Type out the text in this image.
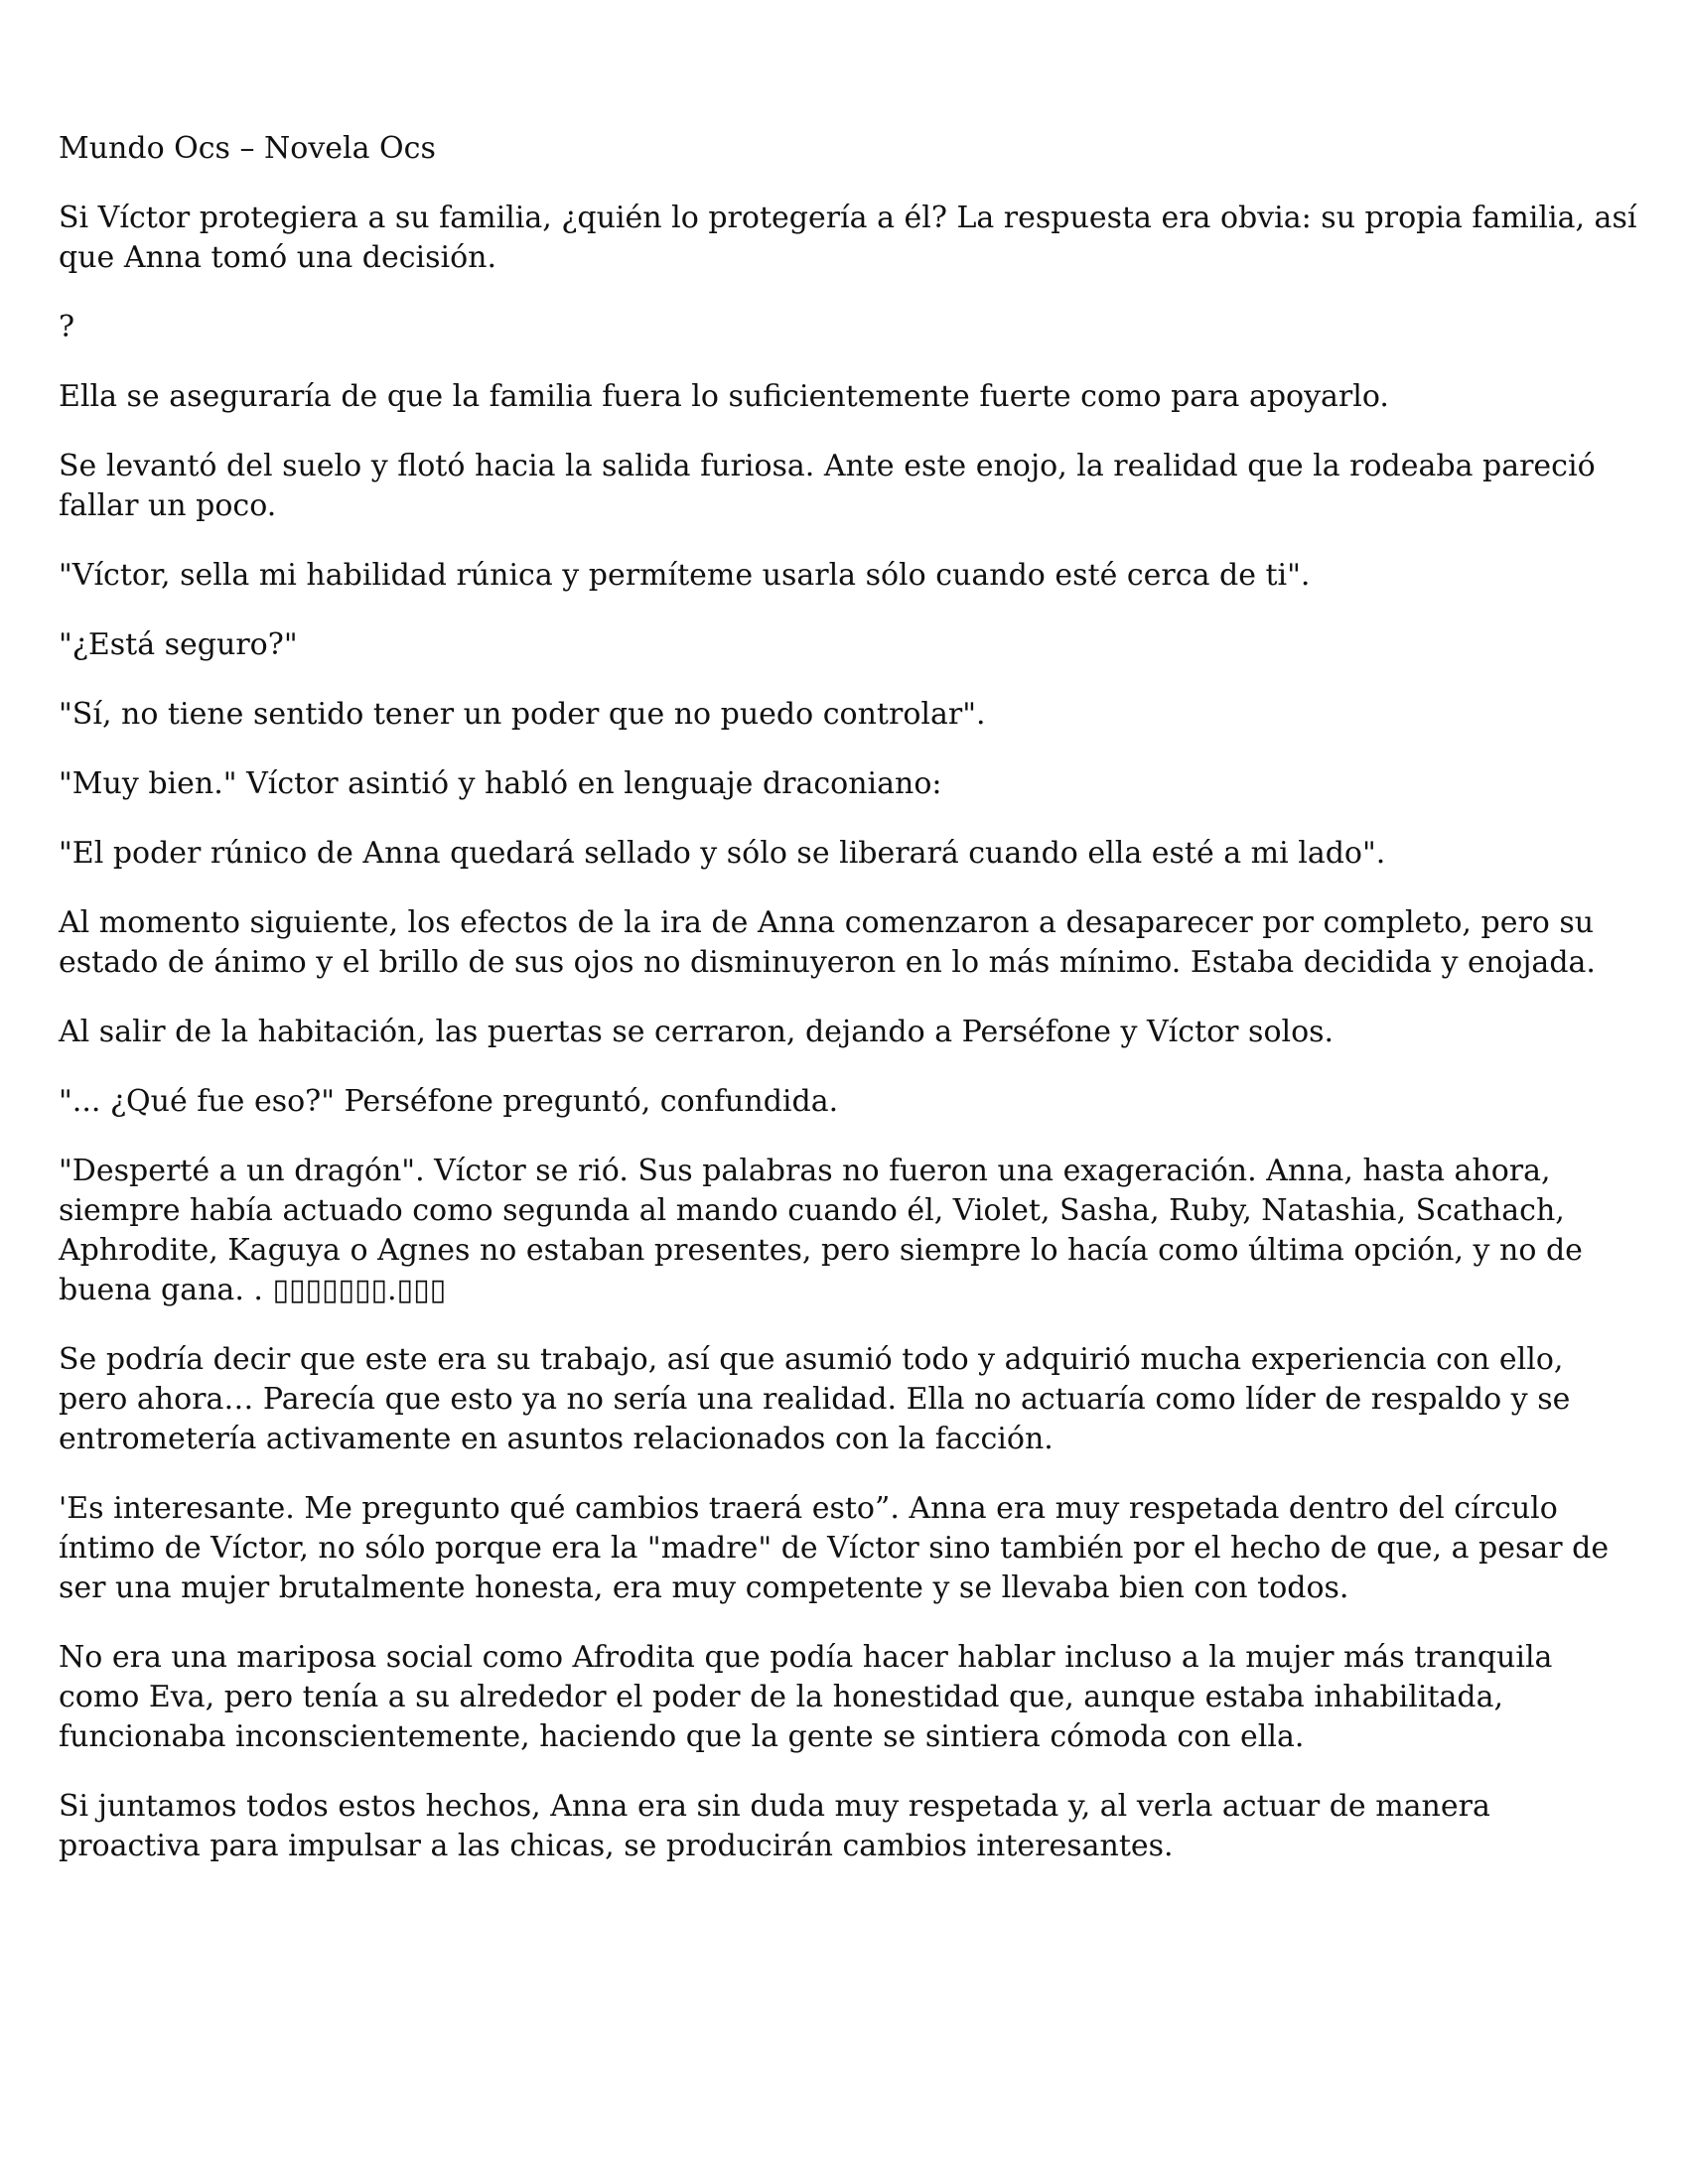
Mundo Ocs – Novela Ocs

Si Víctor protegiera a su familia, ¿quién lo protegería a él? La respuesta era obvia: su propia familia, así que Anna tomó una decisión.

?

Ella se aseguraría de que la familia fuera lo suficientemente fuerte como para apoyarlo.

Se levantó del suelo y flotó hacia la salida furiosa. Ante este enojo, la realidad que la rodeaba pareció fallar un poco.

"Víctor, sella mi habilidad rúnica y permíteme usarla sólo cuando esté cerca de ti".

"¿Está seguro?"

"Sí, no tiene sentido tener un poder que no puedo controlar".

"Muy bien." Víctor asintió y habló en lenguaje draconiano:

"El poder rúnico de Anna quedará sellado y sólo se liberará cuando ella esté a mi lado".

Al momento siguiente, los efectos de la ira de Anna comenzaron a desaparecer por completo, pero su estado de ánimo y el brillo de sus ojos no disminuyeron en lo más mínimo. Estaba decidida y enojada.

Al salir de la habitación, las puertas se cerraron, dejando a Perséfone y Víctor solos.

"... ¿Qué fue eso?" Perséfone preguntó, confundida.

"Desperté a un dragón". Víctor se rió. Sus palabras no fueron una exageración. Anna, hasta ahora, siempre había actuado como segunda al mando cuando él, Violet, Sasha, Ruby, Natashia, Scathach, Aphrodite, Kaguya o Agnes no estaban presentes, pero siempre lo hacía como última opción, y no de buena gana. . ▯▯▯▯▯▯▯.▯▯▯

Se podría decir que este era su trabajo, así que asumió todo y adquirió mucha experiencia con ello, pero ahora… Parecía que esto ya no sería una realidad. Ella no actuaría como líder de respaldo y se entrometería activamente en asuntos relacionados con la facción.

'Es interesante. Me pregunto qué cambios traerá esto”. Anna era muy respetada dentro del círculo íntimo de Víctor, no sólo porque era la "madre" de Víctor sino también por el hecho de que, a pesar de ser una mujer brutalmente honesta, era muy competente y se llevaba bien con todos.

No era una mariposa social como Afrodita que podía hacer hablar incluso a la mujer más tranquila como Eva, pero tenía a su alrededor el poder de la honestidad que, aunque estaba inhabilitada, funcionaba inconscientemente, haciendo que la gente se sintiera cómoda con ella.

Si juntamos todos estos hechos, Anna era sin duda muy respetada y, al verla actuar de manera proactiva para impulsar a las chicas, se producirán cambios interesantes.
